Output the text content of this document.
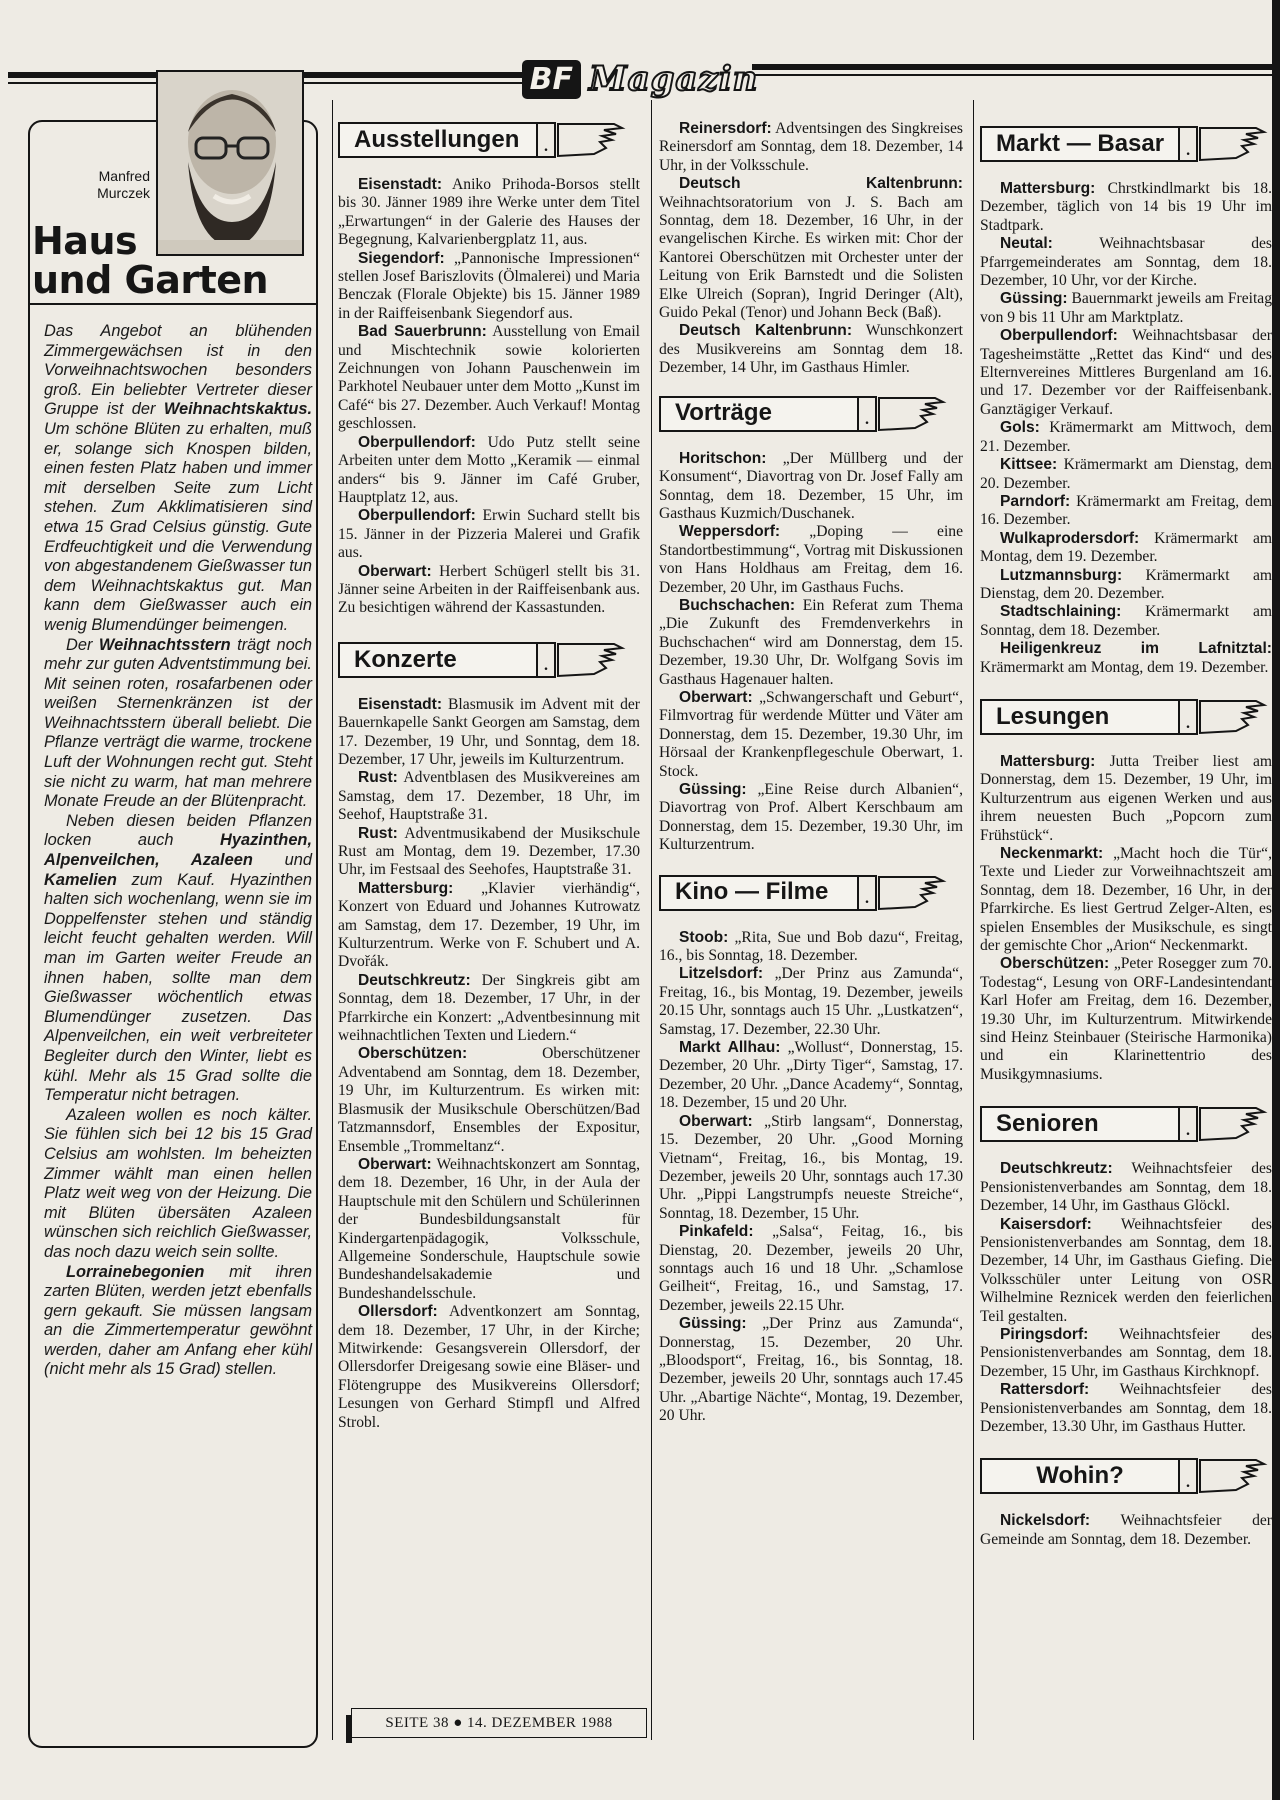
BF Magazin
Manfred
Murczek
Haus
und Garten

Das Angebot an blühenden Zimmergewächsen ist in den Vorweihnachtswochen besonders groß. Ein beliebter Vertreter dieser Gruppe ist der Weihnachtskaktus. Um schöne Blüten zu erhalten, muß er, solange sich Knospen bilden, einen festen Platz haben und immer mit derselben Seite zum Licht stehen. Zum Akklimatisieren sind etwa 15 Grad Celsius günstig. Gute Erdfeuchtigkeit und die Verwendung von abgestandenem Gießwasser tun dem Weihnachtskaktus gut. Man kann dem Gießwasser auch ein wenig Blumendünger beimengen.

Der Weihnachtsstern trägt noch mehr zur guten Adventstimmung bei. Mit seinen roten, rosafarbenen oder weißen Sternenkränzen ist der Weihnachtsstern überall beliebt. Die Pflanze verträgt die warme, trockene Luft der Wohnungen recht gut. Steht sie nicht zu warm, hat man mehrere Monate Freude an der Blütenpracht.

Neben diesen beiden Pflanzen locken auch Hyazinthen, Alpenveilchen, Azaleen und Kamelien zum Kauf. Hyazinthen halten sich wochenlang, wenn sie im Doppelfenster stehen und ständig leicht feucht gehalten werden. Will man im Garten weiter Freude an ihnen haben, sollte man dem Gießwasser wöchentlich etwas Blumendünger zusetzen. Das Alpenveilchen, ein weit verbreiteter Begleiter durch den Winter, liebt es kühl. Mehr als 15 Grad sollte die Temperatur nicht betragen.

Azaleen wollen es noch kälter. Sie fühlen sich bei 12 bis 15 Grad Celsius am wohlsten. Im beheizten Zimmer wählt man einen hellen Platz weit weg von der Heizung. Die mit Blüten übersäten Azaleen wünschen sich reichlich Gießwasser, das noch dazu weich sein sollte.

Lorrainebegonien mit ihren zarten Blüten, werden jetzt ebenfalls gern gekauft. Sie müssen langsam an die Zimmertemperatur gewöhnt werden, daher am Anfang eher kühl (nicht mehr als 15 Grad) stellen.

Ausstellungen	.

Eisenstadt: Aniko Prihoda-Borsos stellt bis 30. Jänner 1989 ihre Werke unter dem Titel „Erwartungen“ in der Galerie des Hauses der Begegnung, Kalvarienbergplatz 11, aus.

Siegendorf: „Pannonische Impressionen“ stellen Josef Bariszlovits (Ölmalerei) und Maria Benczak (Florale Objekte) bis 15. Jänner 1989 in der Raiffeisenbank Siegendorf aus.

Bad Sauerbrunn: Ausstellung von Email und Mischtechnik sowie kolorierten Zeichnungen von Johann Pauschenwein im Parkhotel Neubauer unter dem Motto „Kunst im Café“ bis 27. Dezember. Auch Verkauf! Montag geschlossen.

Oberpullendorf: Udo Putz stellt seine Arbeiten unter dem Motto „Keramik — einmal anders“ bis 9. Jänner im Café Gruber, Hauptplatz 12, aus.

Oberpullendorf: Erwin Suchard stellt bis 15. Jänner in der Pizzeria Malerei und Grafik aus.

Oberwart: Herbert Schügerl stellt bis 31. Jänner seine Arbeiten in der Raiffeisenbank aus. Zu besichtigen während der Kassastunden.

Konzerte	.

Eisenstadt: Blasmusik im Advent mit der Bauernkapelle Sankt Georgen am Samstag, dem 17. Dezember, 19 Uhr, und Sonntag, dem 18. Dezember, 17 Uhr, jeweils im Kulturzentrum.

Rust: Adventblasen des Musikvereines am Samstag, dem 17. Dezember, 18 Uhr, im Seehof, Hauptstraße 31.

Rust: Adventmusikabend der Musikschule Rust am Montag, dem 19. Dezember, 17.30 Uhr, im Festsaal des Seehofes, Hauptstraße 31.

Mattersburg: „Klavier vierhändig“, Konzert von Eduard und Johannes Kutrowatz am Samstag, dem 17. Dezember, 19 Uhr, im Kulturzentrum. Werke von F. Schubert und A. Dvořák.

Deutschkreutz: Der Singkreis gibt am Sonntag, dem 18. Dezember, 17 Uhr, in der Pfarrkirche ein Konzert: „Adventbesinnung mit weihnachtlichen Texten und Liedern.“

Oberschützen: Oberschützener Adventabend am Sonntag, dem 18. Dezember, 19 Uhr, im Kulturzentrum. Es wirken mit: Blasmusik der Musikschule Oberschützen/Bad Tatzmannsdorf, Ensembles der Expositur, Ensemble „Trommeltanz“.

Oberwart: Weihnachtskonzert am Sonntag, dem 18. Dezember, 16 Uhr, in der Aula der Hauptschule mit den Schülern und Schülerinnen der Bundesbildungsanstalt für Kindergartenpädagogik, Volksschule, Allgemeine Sonderschule, Hauptschule sowie Bundeshandelsakademie und Bundeshandelsschule.

Ollersdorf: Adventkonzert am Sonntag, dem 18. Dezember, 17 Uhr, in der Kirche; Mitwirkende: Gesangsverein Ollersdorf, der Ollersdorfer Dreigesang sowie eine Bläser- und Flötengruppe des Musikvereins Ollersdorf; Lesungen von Gerhard Stimpfl und Alfred Strobl.

SEITE 38 ● 14. DEZEMBER 1988

Reinersdorf: Adventsingen des Singkreises Reinersdorf am Sonntag, dem 18. Dezember, 14 Uhr, in der Volksschule.

Deutsch Kaltenbrunn: Weihnachtsoratorium von J. S. Bach am Sonntag, dem 18. Dezember, 16 Uhr, in der evangelischen Kirche. Es wirken mit: Chor der Kantorei Oberschützen mit Orchester unter der Leitung von Erik Barnstedt und die Solisten Elke Ulreich (Sopran), Ingrid Deringer (Alt), Guido Pekal (Tenor) und Johann Beck (Baß).

Deutsch Kaltenbrunn: Wunschkonzert des Musikvereins am Sonntag dem 18. Dezember, 14 Uhr, im Gasthaus Himler.

Vorträge	.

Horitschon: „Der Müllberg und der Konsument“, Diavortrag von Dr. Josef Fally am Sonntag, dem 18. Dezember, 15 Uhr, im Gasthaus Kuzmich/Duschanek.

Weppersdorf: „Doping — eine Standortbestimmung“, Vortrag mit Diskussionen von Hans Holdhaus am Freitag, dem 16. Dezember, 20 Uhr, im Gasthaus Fuchs.

Buchschachen: Ein Referat zum Thema „Die Zukunft des Fremdenverkehrs in Buchschachen“ wird am Donnerstag, dem 15. Dezember, 19.30 Uhr, Dr. Wolfgang Sovis im Gasthaus Hagenauer halten.

Oberwart: „Schwangerschaft und Geburt“, Filmvortrag für werdende Mütter und Väter am Donnerstag, dem 15. Dezember, 19.30 Uhr, im Hörsaal der Krankenpflegeschule Oberwart, 1. Stock.

Güssing: „Eine Reise durch Albanien“, Diavortrag von Prof. Albert Kerschbaum am Donnerstag, dem 15. Dezember, 19.30 Uhr, im Kulturzentrum.

Kino — Filme	.

Stoob: „Rita, Sue und Bob dazu“, Freitag, 16., bis Sonntag, 18. Dezember.

Litzelsdorf: „Der Prinz aus Zamunda“, Freitag, 16., bis Montag, 19. Dezember, jeweils 20.15 Uhr, sonntags auch 15 Uhr. „Lustkatzen“, Samstag, 17. Dezember, 22.30 Uhr.

Markt Allhau: „Wollust“, Donnerstag, 15. Dezember, 20 Uhr. „Dirty Tiger“, Samstag, 17. Dezember, 20 Uhr. „Dance Academy“, Sonntag, 18. Dezember, 15 und 20 Uhr.

Oberwart: „Stirb langsam“, Donnerstag, 15. Dezember, 20 Uhr. „Good Morning Vietnam“, Freitag, 16., bis Montag, 19. Dezember, jeweils 20 Uhr, sonntags auch 17.30 Uhr. „Pippi Langstrumpfs neueste Streiche“, Sonntag, 18. Dezember, 15 Uhr.

Pinkafeld: „Salsa“, Feitag, 16., bis Dienstag, 20. Dezember, jeweils 20 Uhr, sonntags auch 16 und 18 Uhr. „Schamlose Geilheit“, Freitag, 16., und Samstag, 17. Dezember, jeweils 22.15 Uhr.

Güssing: „Der Prinz aus Zamunda“, Donnerstag, 15. Dezember, 20 Uhr. „Bloodsport“, Freitag, 16., bis Sonntag, 18. Dezember, jeweils 20 Uhr, sonntags auch 17.45 Uhr. „Abartige Nächte“, Montag, 19. Dezember, 20 Uhr.

Markt — Basar	.

Mattersburg: Chrstkindlmarkt bis 18. Dezember, täglich von 14 bis 19 Uhr im Stadtpark.

Neutal: Weihnachtsbasar des Pfarrgemeinderates am Sonntag, dem 18. Dezember, 10 Uhr, vor der Kirche.

Güssing: Bauernmarkt jeweils am Freitag von 9 bis 11 Uhr am Marktplatz.

Oberpullendorf: Weihnachtsbasar der Tagesheimstätte „Rettet das Kind“ und des Elternvereines Mittleres Burgenland am 16. und 17. Dezember vor der Raiffeisenbank. Ganztägiger Verkauf.

Gols: Krämermarkt am Mittwoch, dem 21. Dezember.

Kittsee: Krämermarkt am Dienstag, dem 20. Dezember.

Parndorf: Krämermarkt am Freitag, dem 16. Dezember.

Wulkaprodersdorf: Krämermarkt am Montag, dem 19. Dezember.

Lutzmannsburg: Krämermarkt am Dienstag, dem 20. Dezember.

Stadtschlaining: Krämermarkt am Sonntag, dem 18. Dezember.

Heiligenkreuz im Lafnitztal: Krämermarkt am Montag, dem 19. Dezember.

Lesungen	.

Mattersburg: Jutta Treiber liest am Donnerstag, dem 15. Dezember, 19 Uhr, im Kulturzentrum aus eigenen Werken und aus ihrem neuesten Buch „Popcorn zum Frühstück“.

Neckenmarkt: „Macht hoch die Tür“, Texte und Lieder zur Vorweihnachtszeit am Sonntag, dem 18. Dezember, 16 Uhr, in der Pfarrkirche. Es liest Gertrud Zelger-Alten, es spielen Ensembles der Musikschule, es singt der gemischte Chor „Arion“ Neckenmarkt.

Oberschützen: „Peter Rosegger zum 70. Todestag“, Lesung von ORF-Landesintendant Karl Hofer am Freitag, dem 16. Dezember, 19.30 Uhr, im Kulturzentrum. Mitwirkende sind Heinz Steinbauer (Steirische Harmonika) und ein Klarinettentrio des Musikgymnasiums.

Senioren	.

Deutschkreutz: Weihnachtsfeier des Pensionistenverbandes am Sonntag, dem 18. Dezember, 14 Uhr, im Gasthaus Glöckl.

Kaisersdorf: Weihnachtsfeier des Pensionistenverbandes am Sonntag, dem 18. Dezember, 14 Uhr, im Gasthaus Giefing. Die Volksschüler unter Leitung von OSR Wilhelmine Reznicek werden den feierlichen Teil gestalten.

Piringsdorf: Weihnachtsfeier des Pensionistenverbandes am Sonntag, dem 18. Dezember, 15 Uhr, im Gasthaus Kirchknopf.

Rattersdorf: Weihnachtsfeier des Pensionistenverbandes am Sonntag, dem 18. Dezember, 13.30 Uhr, im Gasthaus Hutter.

Wohin?	.

Nickelsdorf: Weihnachtsfeier der Gemeinde am Sonntag, dem 18. Dezember.
